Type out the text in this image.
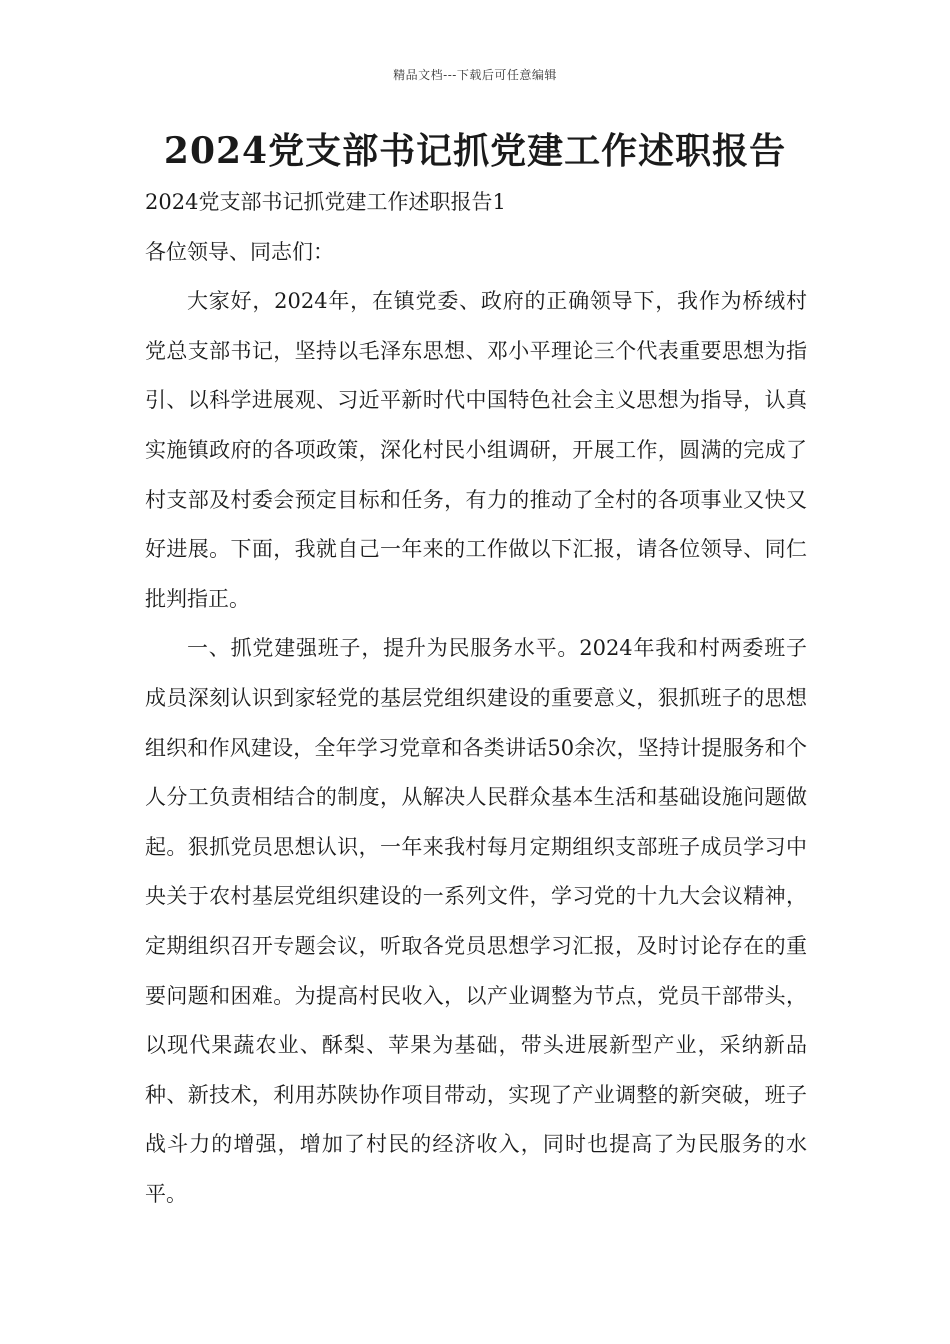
精品文档---下载后可任意编辑
2024党支部书记抓党建工作述职报告

2024党支部书记抓党建工作述职报告1

各位领导、同志们：

大家好，2024年，在镇党委、政府的正确领导下，我作为桥绒村党总支部书记，坚持以毛泽东思想、邓小平理论三个代表重要思想为指引、以科学进展观、习近平新时代中国特色社会主义思想为指导，认真实施镇政府的各项政策，深化村民小组调研，开展工作，圆满的完成了村支部及村委会预定目标和任务，有力的推动了全村的各项事业又快又好进展。下面，我就自己一年来的工作做以下汇报，请各位领导、同仁批判指正。

一、抓党建强班子，提升为民服务水平。2024年我和村两委班子成员深刻认识到家轻党的基层党组织建设的重要意义，狠抓班子的思想组织和作风建设，全年学习党章和各类讲话50余次，坚持计提服务和个人分工负责相结合的制度，从解决人民群众基本生活和基础设施问题做起。狠抓党员思想认识，一年来我村每月定期组织支部班子成员学习中央关于农村基层党组织建设的一系列文件，学习党的十九大会议精神，定期组织召开专题会议，听取各党员思想学习汇报，及时讨论存在的重要问题和困难。为提高村民收入，以产业调整为节点，党员干部带头，以现代果蔬农业、酥梨、苹果为基础，带头进展新型产业，采纳新品种、新技术，利用苏陕协作项目带动，实现了产业调整的新突破，班子战斗力的增强，增加了村民的经济收入，同时也提高了为民服务的水平。
